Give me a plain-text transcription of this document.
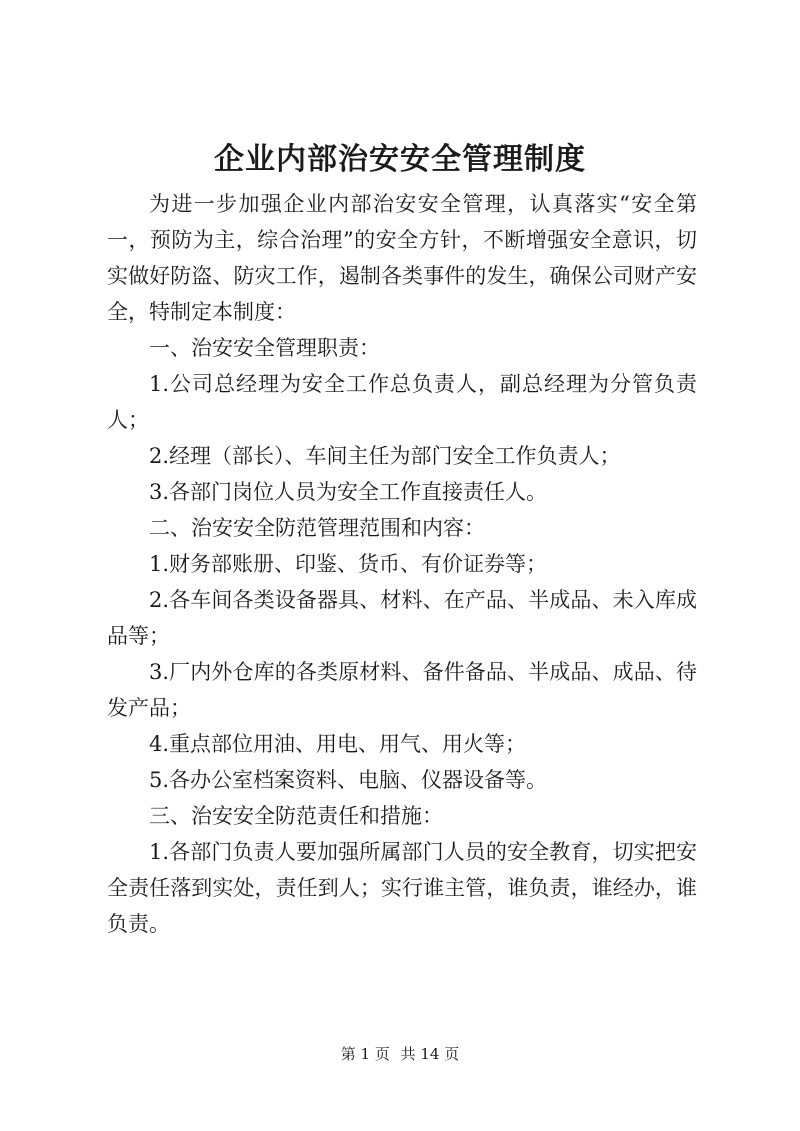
企业内部治安安全管理制度

为进一步加强企业内部治安安全管理，认真落实“安全第一，预防为主，综合治理”的安全方针，不断增强安全意识，切实做好防盗、防灾工作，遏制各类事件的发生，确保公司财产安全，特制定本制度：

一、治安安全管理职责：

1.公司总经理为安全工作总负责人，副总经理为分管负责人；

2.经理（部长）、车间主任为部门安全工作负责人；

3.各部门岗位人员为安全工作直接责任人。

二、治安安全防范管理范围和内容：

1.财务部账册、印鉴、货币、有价证券等；

2.各车间各类设备器具、材料、在产品、半成品、未入库成品等；

3.厂内外仓库的各类原材料、备件备品、半成品、成品、待发产品；

4.重点部位用油、用电、用气、用火等；

5.各办公室档案资料、电脑、仪器设备等。

三、治安安全防范责任和措施：

1.各部门负责人要加强所属部门人员的安全教育，切实把安全责任落到实处，责任到人；实行谁主管，谁负责，谁经办，谁负责。

第 1 页 共 14 页
